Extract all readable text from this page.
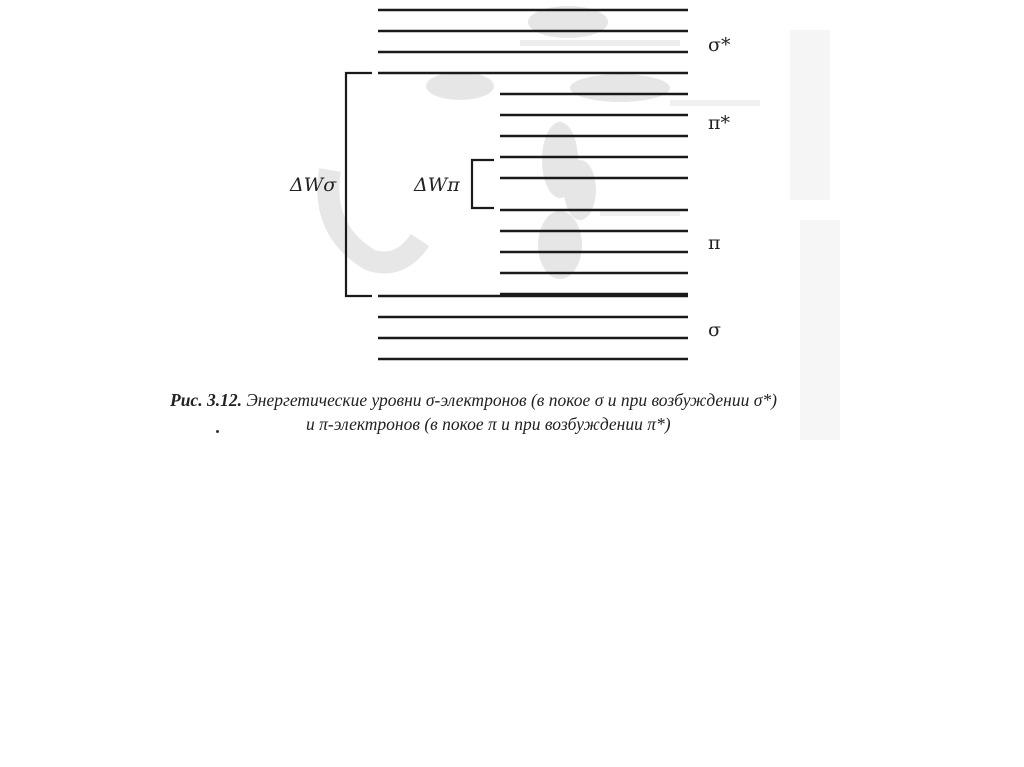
σ*
π*
π
σ
ΔWσ	ΔWπ
Рис. 3.12. Энергетические уровни σ-электронов (в покое σ и при возбуждении σ*)
и π-электронов (в покое π и при возбуждении π*)
